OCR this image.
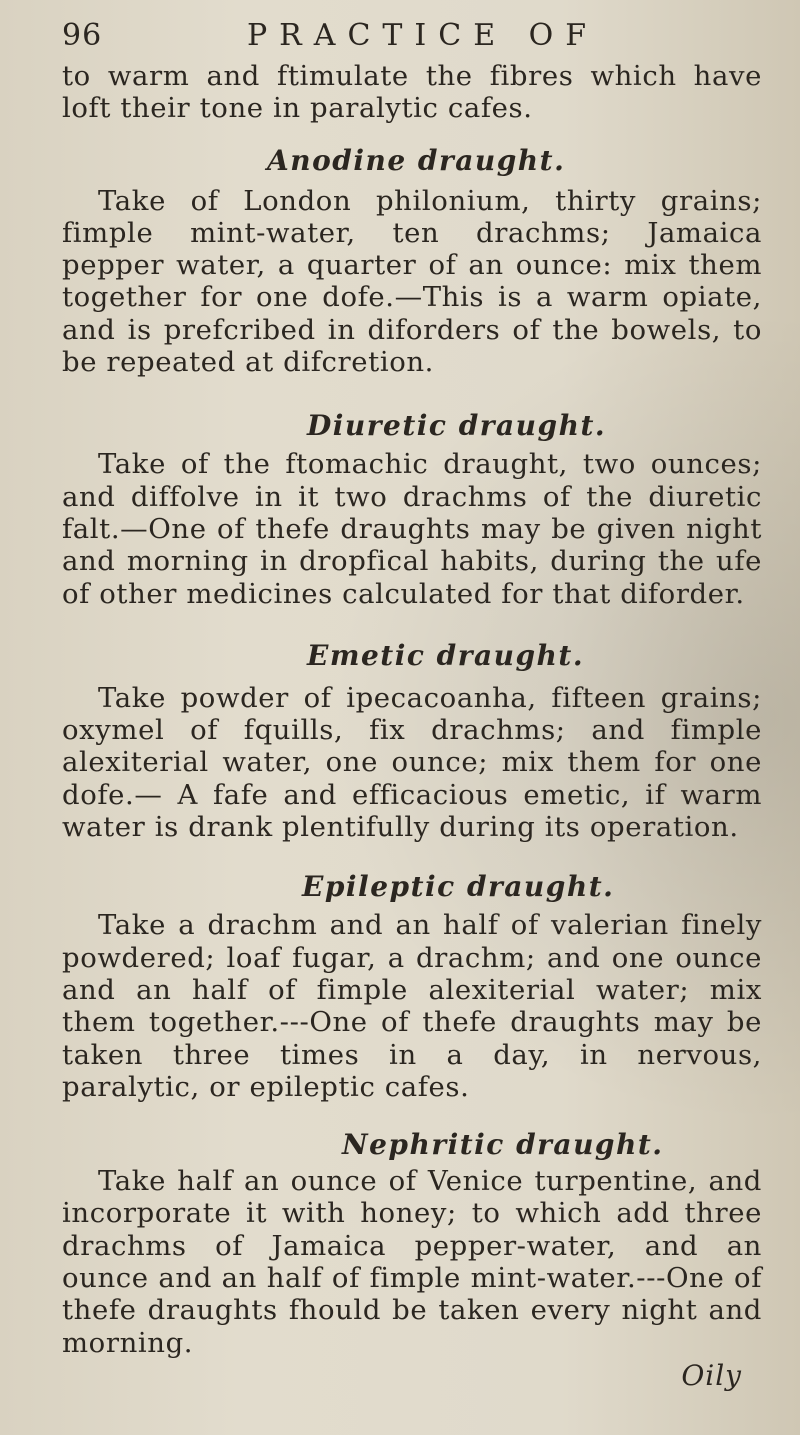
96	PRACTICE OF

to warm and ftimulate the fibres which have loft their tone in paralytic cafes.

Anodine draught.

Take of London philonium, thirty grains; fimple mint-water, ten drachms; Jamaica pepper water, a quarter of an ounce: mix them together for one dofe.—This is a warm opiate, and is prefcribed in diforders of the bowels, to be repeated at difcretion.

Diuretic draught.

Take of the ftomachic draught, two ounces; and diffolve in it two drachms of the diuretic falt.—One of thefe draughts may be given night and morning in dropfical habits, during the ufe of other medicines calculated for that diforder.

Emetic draught.

Take powder of ipecacoanha, fifteen grains; oxymel of fquills, fix drachms; and fimple alexiterial water, one ounce; mix them for one dofe.— A fafe and efficacious emetic, if warm water is drank plentifully during its operation.

Epileptic draught.

Take a drachm and an half of valerian finely powdered; loaf fugar, a drachm; and one ounce and an half of fimple alexiterial water; mix them together.---One of thefe draughts may be taken three times in a day, in nervous, paralytic, or epileptic cafes.

Nephritic draught.

Take half an ounce of Venice turpentine, and incorporate it with honey; to which add three drachms of Jamaica pepper-water, and an ounce and an half of fimple mint-water.---One of thefe draughts fhould be taken every night and morning.

Oily
